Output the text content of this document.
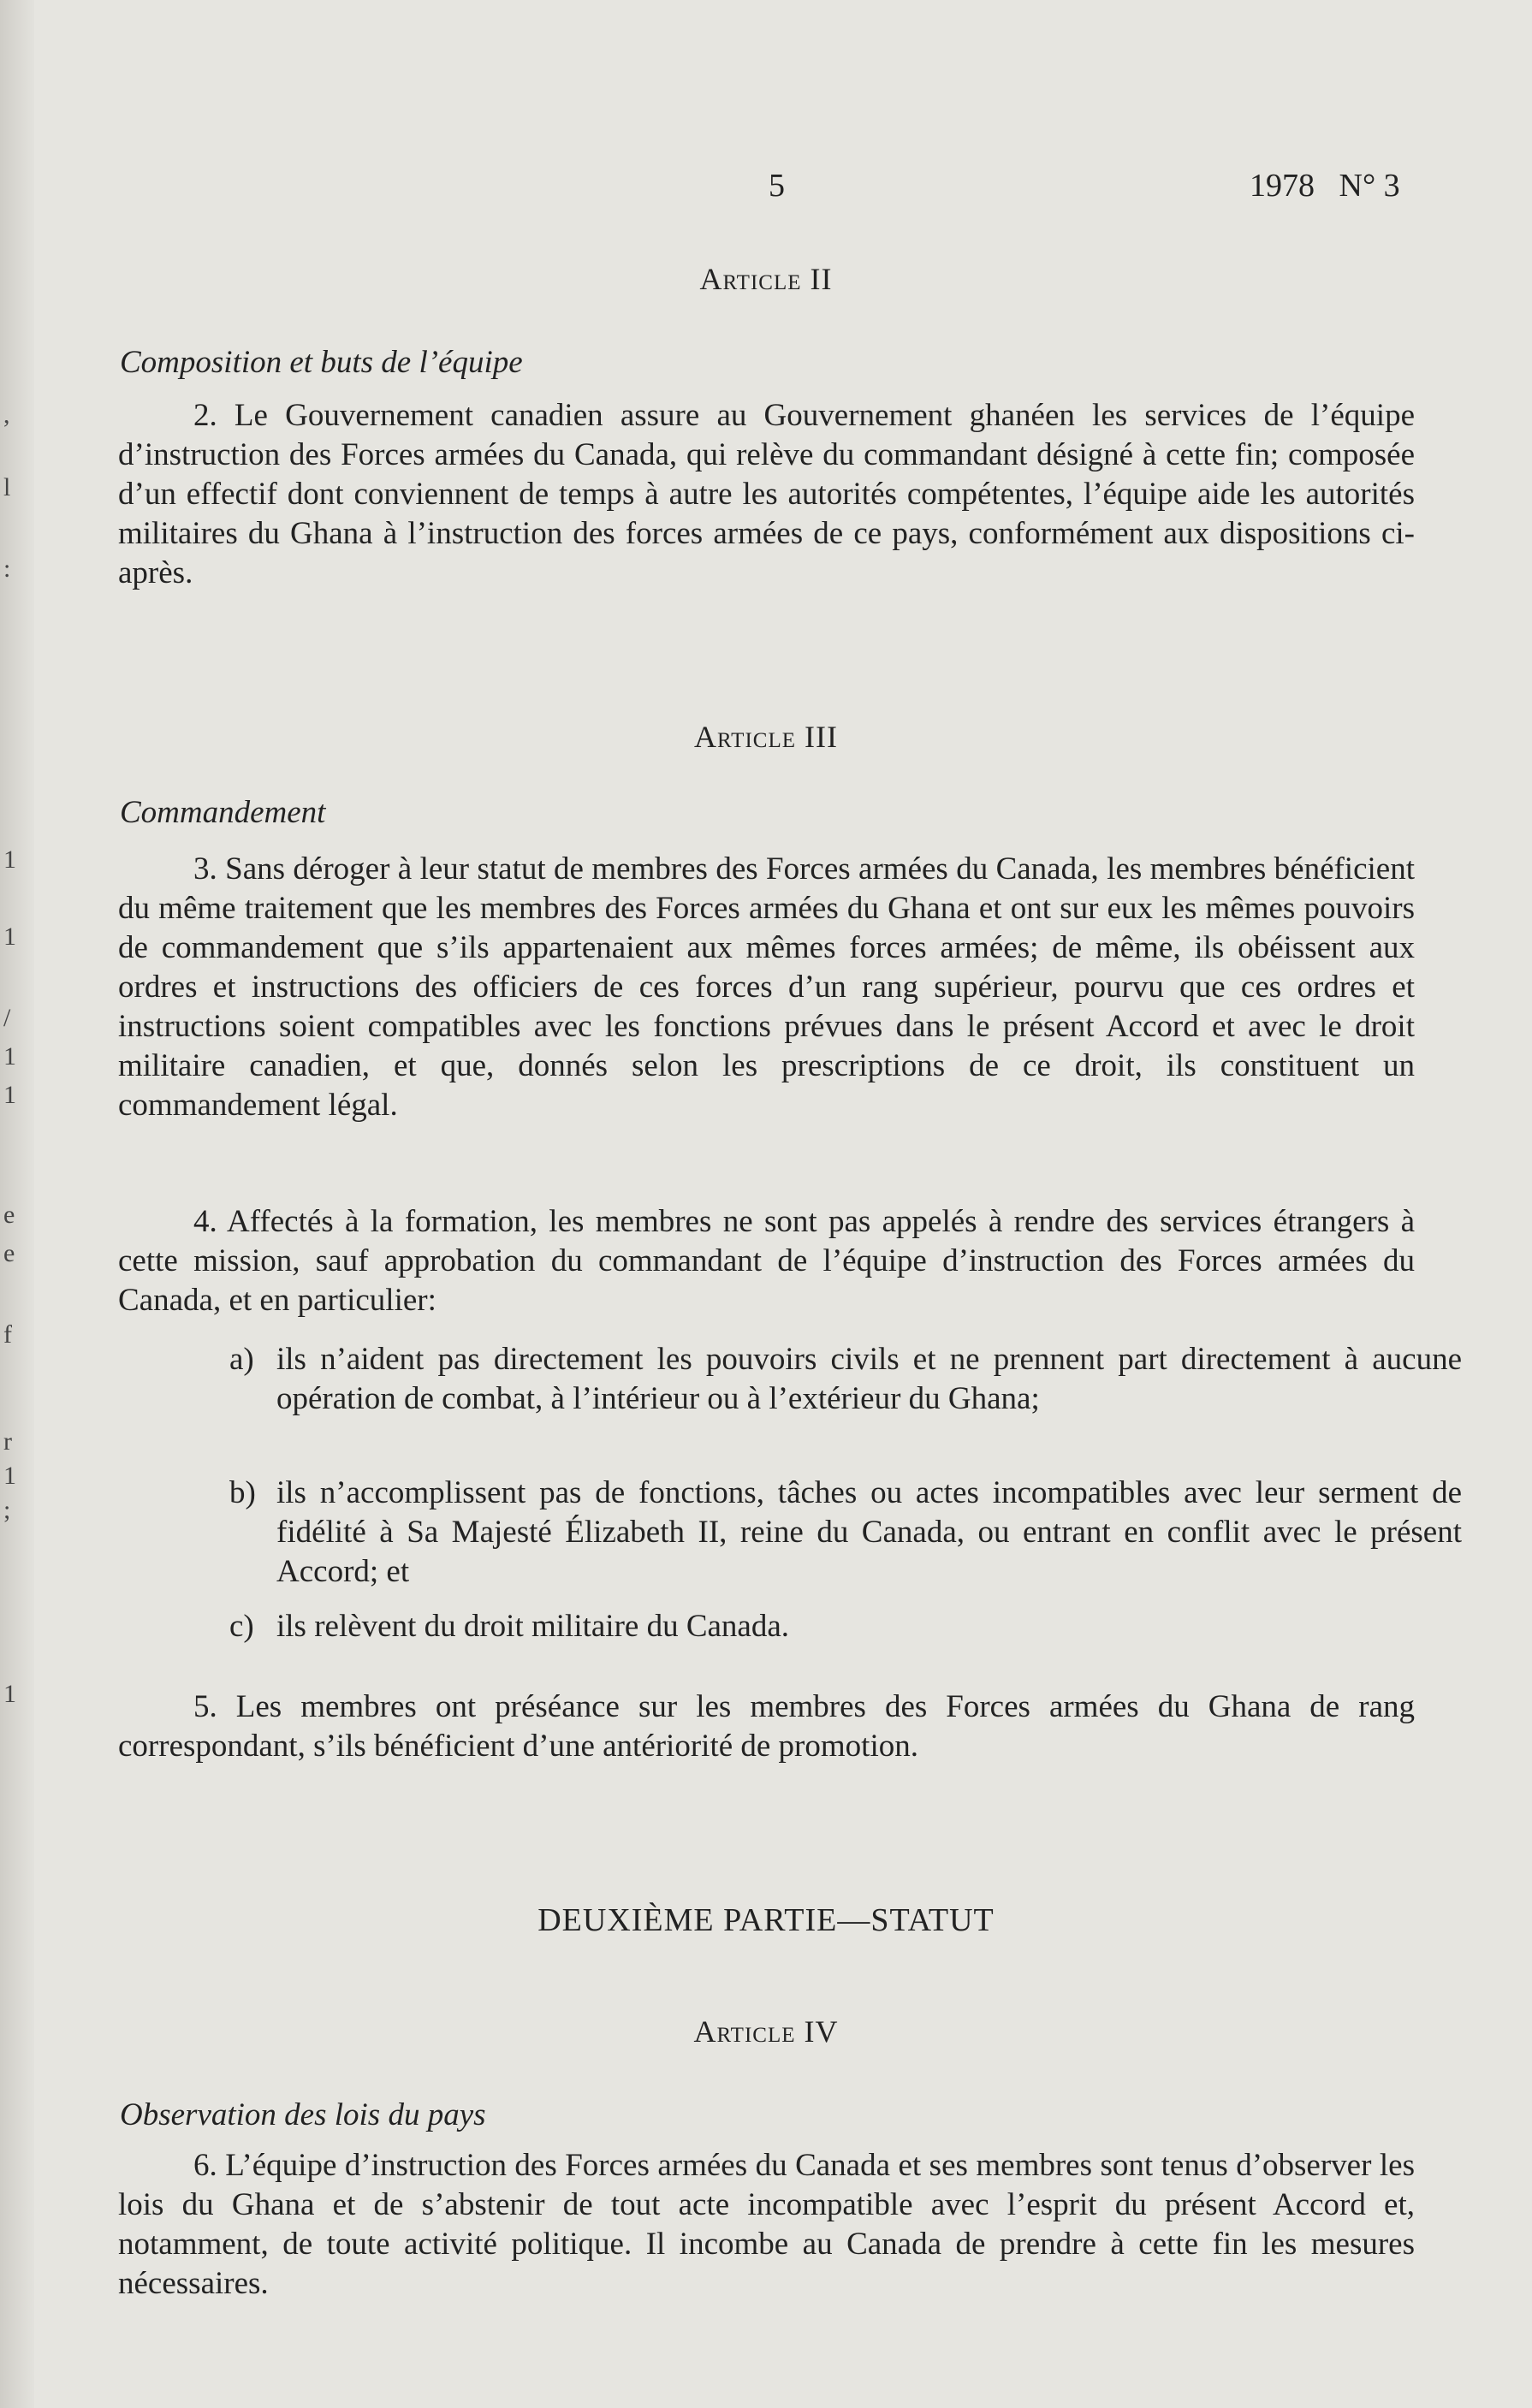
,
l
:
1
1
/
1
1
e
e
f
r
1
;
1
5	1978   N° 3
Article II
Composition et buts de l’équipe

2. Le Gouvernement canadien assure au Gouvernement ghanéen les services de l’équipe d’instruction des Forces armées du Canada, qui relève du commandant désigné à cette fin; composée d’un effectif dont conviennent de temps à autre les autorités compétentes, l’équipe aide les autorités militaires du Ghana à l’instruction des forces armées de ce pays, conformément aux dispositions ci-après.

Article III
Commandement

3. Sans déroger à leur statut de membres des Forces armées du Canada, les membres bénéficient du même traitement que les membres des Forces armées du Ghana et ont sur eux les mêmes pouvoirs de commandement que s’ils appartenaient aux mêmes forces armées; de même, ils obéissent aux ordres et instructions des officiers de ces forces d’un rang supérieur, pourvu que ces ordres et instructions soient compatibles avec les fonctions prévues dans le présent Accord et avec le droit militaire canadien, et que, donnés selon les prescriptions de ce droit, ils constituent un commandement légal.

4. Affectés à la formation, les membres ne sont pas appelés à rendre des services étrangers à cette mission, sauf approbation du commandant de l’équipe d’instruction des Forces armées du Canada, et en particulier:

a) ils n’aident pas directement les pouvoirs civils et ne prennent part directement à aucune opération de combat, à l’intérieur ou à l’extérieur du Ghana;
b) ils n’accomplissent pas de fonctions, tâches ou actes incompatibles avec leur serment de fidélité à Sa Majesté Élizabeth II, reine du Canada, ou entrant en conflit avec le présent Accord; et
c) ils relèvent du droit militaire du Canada.

5. Les membres ont préséance sur les membres des Forces armées du Ghana de rang correspondant, s’ils bénéficient d’une antériorité de promotion.

DEUXIÈME PARTIE—STATUT
Article IV
Observation des lois du pays

6. L’équipe d’instruction des Forces armées du Canada et ses membres sont tenus d’observer les lois du Ghana et de s’abstenir de tout acte incompatible avec l’esprit du présent Accord et, notamment, de toute activité politique. Il incombe au Canada de prendre à cette fin les mesures nécessaires.
